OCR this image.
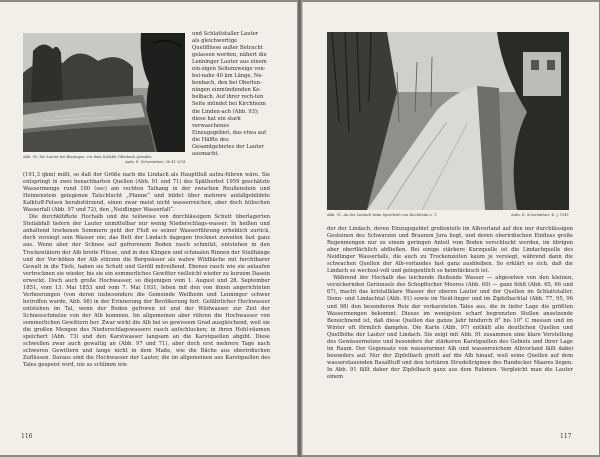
Abb. 90. Die Lauter bei Bissingen, vor dem Schäfer Ofenbach geraden
Aufn. E. Schweinfurt, 36 41 3/54

und Schlattstaller Lauter als gleichwertige Quellflüsse außer Betracht gelassen werden, nähert die Lenninger Lauter aus einem ein-zigen Seitenzweige von-bei-nahe 40 km Länge, Ne-benbach, den bei Oberlen-ningen einmündenden Ke-belbach. Auf ihrer rech-ten Seite mündet bei Kirchheim die Linden-ach (Abb. 93); diese hat ein stark verwaschenes Einzugsgebiet, das etwa auf die Hälfte des Gesamtgebietes der Lauter ausmacht.

(191,3 qkm) mißt, so daß der Größe nach die Lindach als Hauptfluß aufzu-führen wäre. Sie entspringt in zwei benachbarten Quellen (Abb. 91 und 71) des Spätherbst 1959 geschätzte Wassermenge rund 100 (sec) am rechten Talhang in der zwischen Reußenstein und Heimenstein gelegenen Talschlucht „Pfanne“ und bildet über mehrere anfallgebildete Kalktuff-Felsen herabstürzend, einen zwar meist nicht wasserreichen, aber doch hübschen Wasserfall (Abb. 97 und 72), den „Neidlinger Wasserfall“.

Die durchklüftete Hochalb und die teilweise von durchlässigem Schutt überlagerten Steilabfall liefern der Lauter unmittelbar nur wenig Niederschlags-wasser. In heißen und anhaltend trockenen Sommern geht der Fluß so seiner Wasserführung erheblich zurück, doch versiegt sein Wasser nie; das Bett der Lindach dagegen trocknet zuweilen fast ganz aus. Wenn aber der Schnee auf gefrorenem Boden rasch schmilzt, entstehen in den Trockentälern der Alb breite Flüsse, und in den Klingen und schmalen Rinnen der Steilhänge und der Vor-höhen der Alb stürzen die Bergwässer als wahre Wildbäche mit furchtbarer Gewalt in die Tiefe, haben sie Schutt und Geröll mitreißend. Ebenso rasch wie sie anlaufen vertrocknen sie wieder, bis sie ein sommerliches Gewitter vielleicht wieder zu kurzem Dasein erweckt. Doch auch große Hochwasser, so diejenigen vom 1. August und 28. September 1851, vom 13. Mai 1853 und vom 7. Mai 1931, leben mit den von ihnen angerichteten Verheerungen (von deren insbesondere die Gemeinde Weilheim und Lenninger schwer betroffen wurde, Abb. 98) in der Erinnerung der Bevölkerung fort. Gefährlicher Hochwasser entstehen im Tal, wenn der Boden gefroren ist und der Wildwasser zur Zeit der Schneeschmelze von der Alb kommen. Im allgemeinen aber rühren die Hochwasser von sommerlichen Gewittern her. Zwar wirkt die Alb bei so gewissem Grad ausgleichend, weil sie die großen Mengen des Niederschlagswassers rasch aufschlucken; in ihren Hohl-räumen speichert (Abb. 73) und den Karstwasser langsam an die Karstquellen abgibt. Diese schwellen zwar auch gewaltig an (Abb. 97 und 71), aber doch erst mehrere Tage nach schweren Gewittern und lange nicht in dem Maße, wie die Bäche aus oberirdischen Zuflüssen. Daraus sind die Hochwasser der Lauter, die im allgemeinen aus Karstquellen des Tales gespeist wird, nie so schlimm wie

116
Abb. 91. An der Lindach beim Speicheiß von Kirchheim u. T.	Aufn. E. Schweinfurt, K. J. 1941

der der Lindach, deren Einzugsgebiet großenteils im Albvorland auf den nur durchlässigen Gesteinen des Schwarzen und Braunen Jura liegt, und deren oberirdischen Einfluss große Regenmengen nur zu einem geringen Anteil vom Boden verschluckt werden, im übrigen aber oberflächlich abfließen. Bei einige stärkere Kurzquelle ist die Lindachquelle des Neidlinger Wasserfalls, die auch zu Trockenzeiten kaum je versiegt, während dann die schwachen Quellen der Alb-vorlandes fast ganz ausbleiben. So erklärt es sich, daß die Lindach so wechsel-voll und gelegentlich so heimtückisch ist.

Während der Hochalb das leichende fließende Wasser — abgesehen von den kleinen, versickernden Gerinnsels des Schopflocher Moores (Abb. 60) — ganz fehlt (Abb. 65, 66 und 67), macht das kristallklare Wasser der oberen Lauter und der Quellen im Schlattstaller, Donn- und Lindachtal (Abb. 91) sowie im Neid-linger und im Zipfelbachtal (Abb. 77, 95, 96 und 98) den besonderen Reiz der verkarsteten Tales aus, die in tiefer Lage die größten Wassermengen bekommt. Dieses im wenigsten scharf begrenzten Stellen ansetzende Bezeichnend ist, daß diese Quellen das ganze Jahr hindurch 8° bis 10° C messen und im Winter oft förmlich dampfen. Die Karte (Abb. 97) enthält alle deutlichen Quellen und Quellhöhe der Lauter und Lindach. Sie zeigt mit Abb. 91 zusammen eine klare Vorstellung des Gewässernetzes und besonders der stärkeren Karstquellen des Gebiets und ihrer Lage im Raum. Der Gegensatz von wasserarmer Alb und wasserreichem Albvorland fällt dabei besonders auf. Nur der Zipfelbach greift auf die Alb hinauf, weil seine Quellen auf dem wasserstauenden Basalttuff und den tertiären Strudeltrigmen des Randecker Maares liegen. In Abb. 91 fällt daher der Zipfelbach ganz aus dem Rahmen. Vergleicht man die Lauter einem

117
